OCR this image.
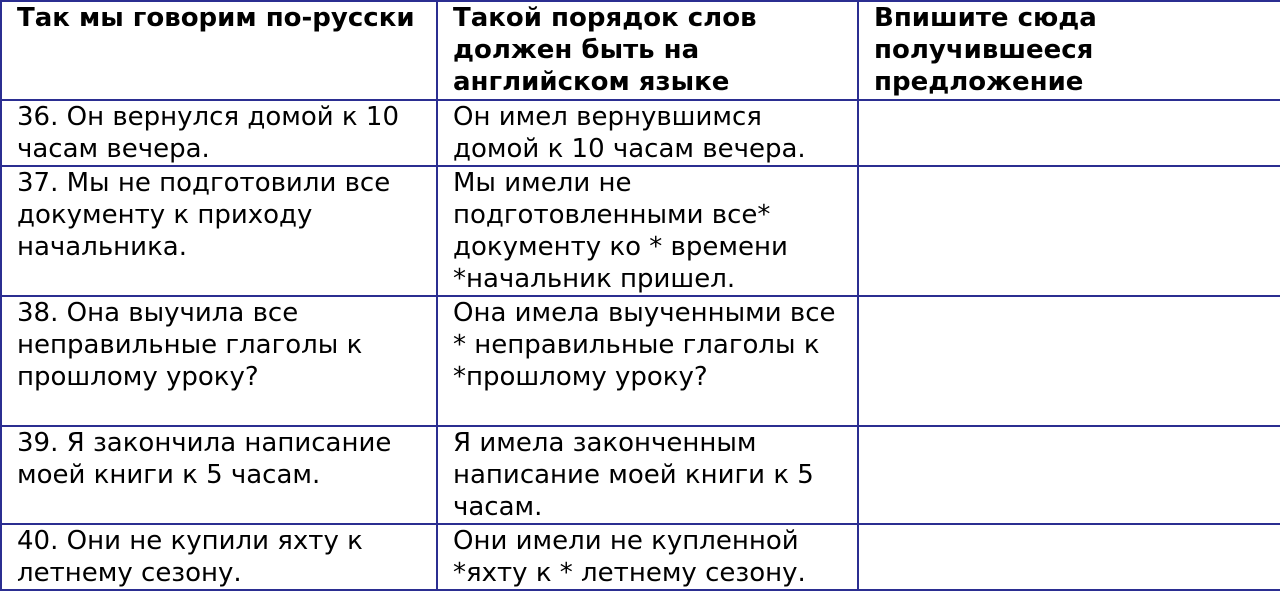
Так мы говорим по-русски	Такой порядок слов должен быть на английском языке	Впишите сюда получившееся предложение
36. Он вернулся домой к 10 часам вечера.	Он имел вернувшимся домой к 10 часам вечера.	

37. Мы не подготовили все документу к приходу начальника.	Мы имели не подготовленными все* документу ко * времени *начальник пришел.	

38. Она выучила все неправильные глаголы к прошлому уроку?	Она имела выученными все * неправильные глаголы к *прошлому уроку?	

39. Я закончила написание моей книги к 5 часам.	Я имела законченным написание моей книги к 5 часам.	

40. Они не купили яхту к летнему сезону.	Они имели не купленной *яхту к * летнему сезону.	
